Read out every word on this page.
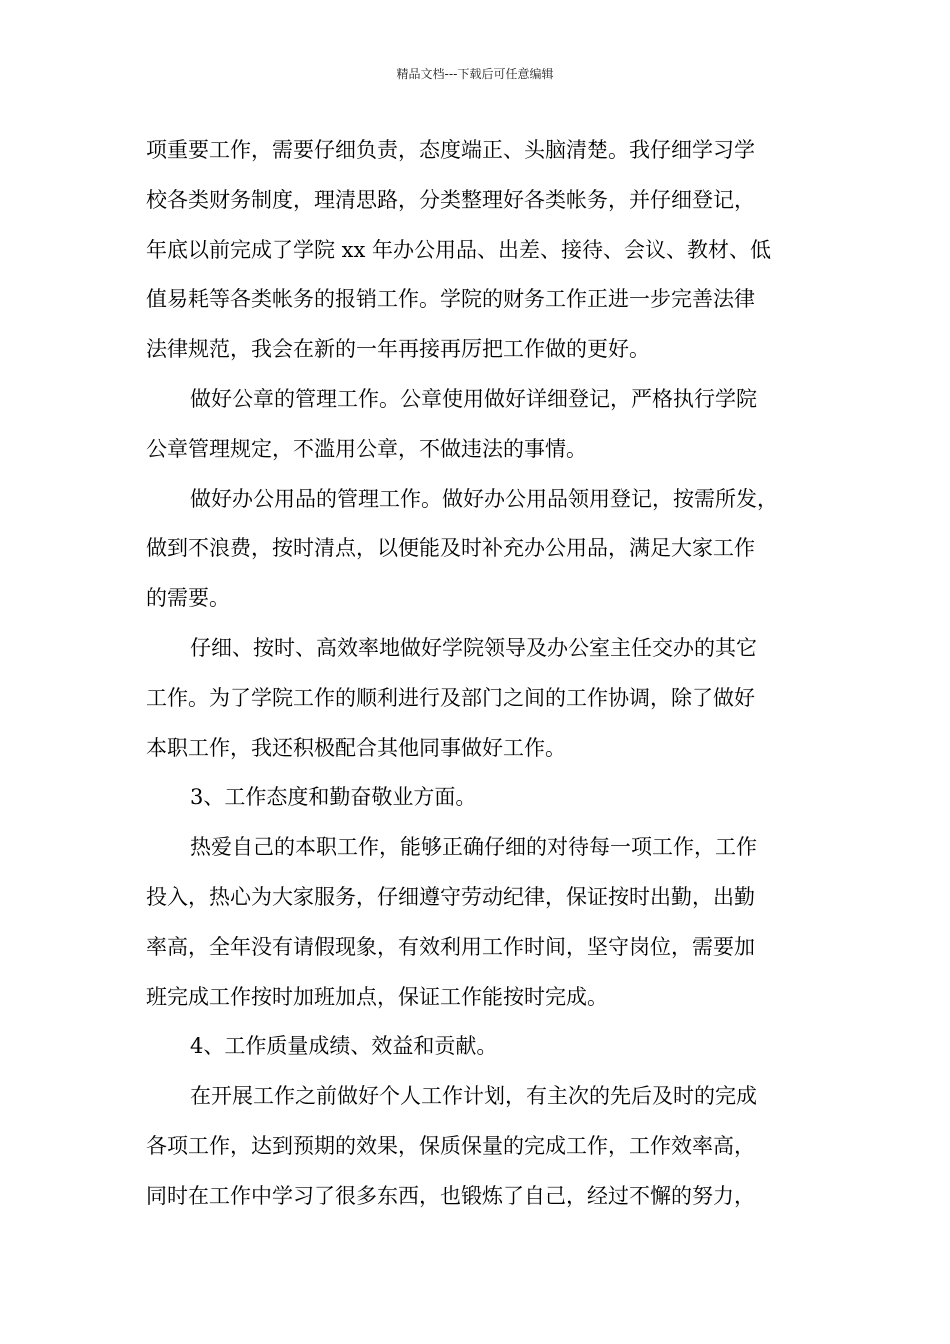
精品文档---下载后可任意编辑
项重要工作，需要仔细负责，态度端正、头脑清楚。我仔细学习学
校各类财务制度，理清思路，分类整理好各类帐务，并仔细登记，
年底以前完成了学院 xx 年办公用品、出差、接待、会议、教材、低
值易耗等各类帐务的报销工作。学院的财务工作正进一步完善法律
法律规范，我会在新的一年再接再厉把工作做的更好。
做好公章的管理工作。公章使用做好详细登记，严格执行学院
公章管理规定，不滥用公章，不做违法的事情。
做好办公用品的管理工作。做好办公用品领用登记，按需所发，
做到不浪费，按时清点，以便能及时补充办公用品，满足大家工作
的需要。
仔细、按时、高效率地做好学院领导及办公室主任交办的其它
工作。为了学院工作的顺利进行及部门之间的工作协调，除了做好
本职工作，我还积极配合其他同事做好工作。
3、工作态度和勤奋敬业方面。
热爱自己的本职工作，能够正确仔细的对待每一项工作，工作
投入，热心为大家服务，仔细遵守劳动纪律，保证按时出勤，出勤
率高，全年没有请假现象，有效利用工作时间，坚守岗位，需要加
班完成工作按时加班加点，保证工作能按时完成。
4、工作质量成绩、效益和贡献。
在开展工作之前做好个人工作计划，有主次的先后及时的完成
各项工作，达到预期的效果，保质保量的完成工作，工作效率高，
同时在工作中学习了很多东西，也锻炼了自己，经过不懈的努力，
